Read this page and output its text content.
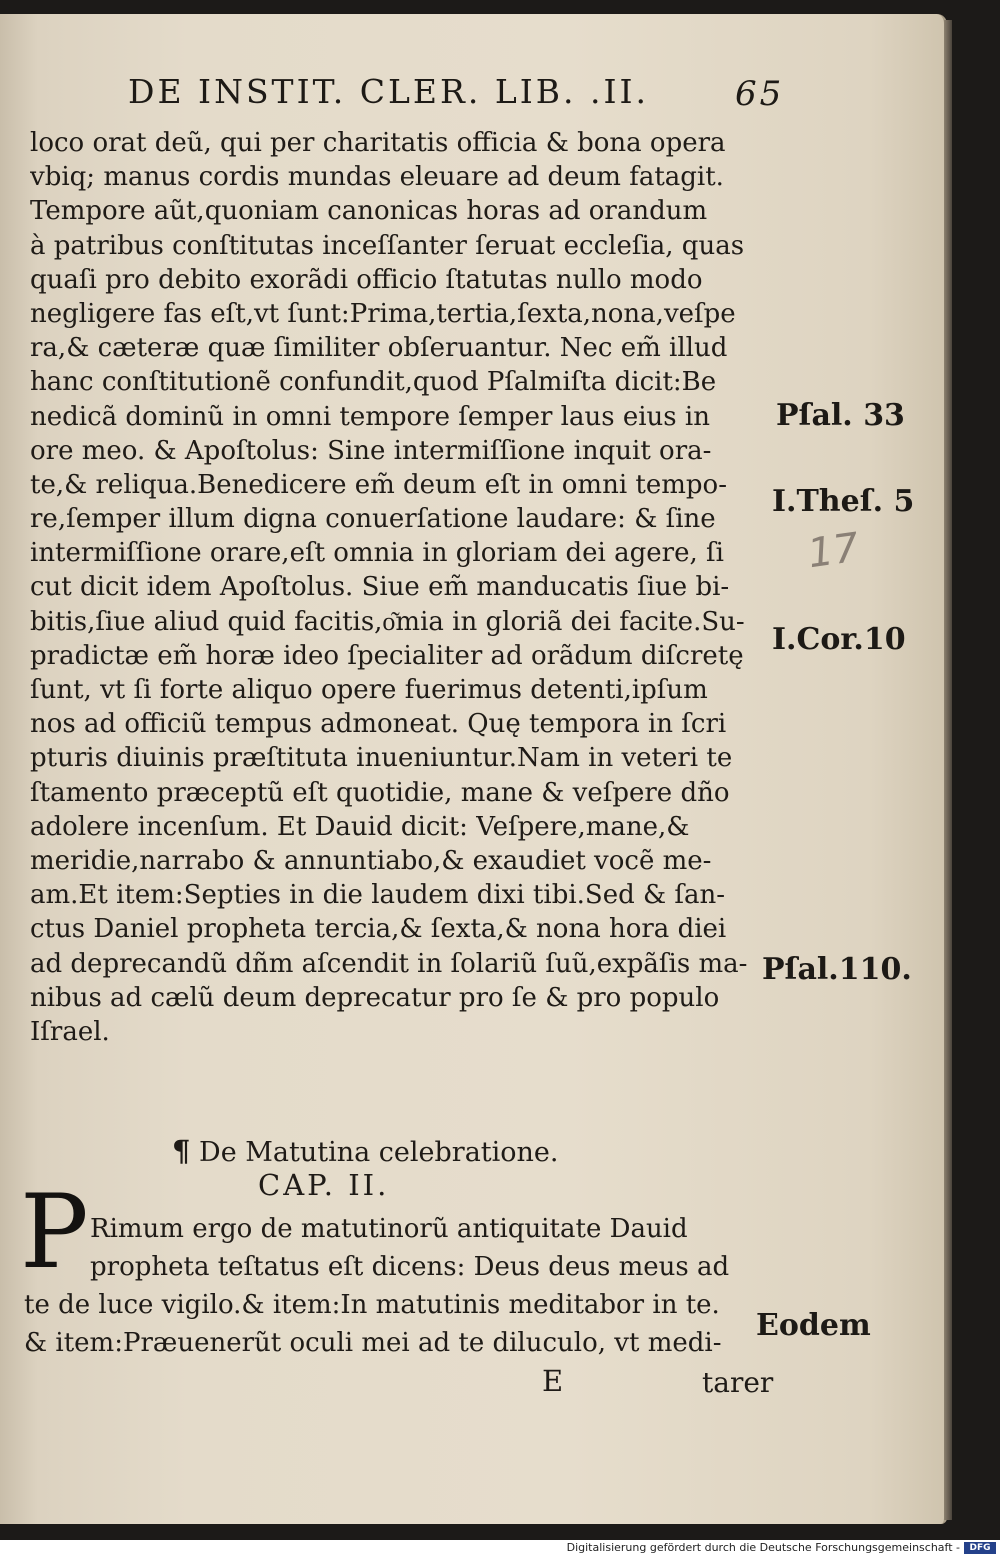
DE INSTIT. CLER. LIB. .II.	65
loco orat deũ, qui per charitatis officia & bona opera
vbiq; manus cordis mundas eleuare ad deum fatagit.
Tempore aũt,quoniam canonicas horas ad orandum
à patribus conſtitutas inceſſanter ſeruat eccleſia, quas
quaſi pro debito exorãdi officio ſtatutas nullo modo
negligere fas eſt,vt ſunt:Prima,tertia,ſexta,nona,veſpe
ra,& cæteræ quæ ſimiliter obſeruantur. Nec em̃ illud
hanc conſtitutionẽ confundit,quod Pſalmiſta dicit:Be
nedicã dominũ in omni tempore ſemper laus eius in
ore meo. & Apoſtolus: Sine intermiſſione inquit ora-
te,& reliqua.Benedicere em̃ deum eſt in omni tempo-
re,ſemper illum digna conuerſatione laudare: & ſine
intermiſſione orare,eſt omnia in gloriam dei agere, ſi
cut dicit idem Apoſtolus. Siue em̃ manducatis ſiue bi-
bitis,ſiue aliud quid facitis,o͂mia in gloriã dei facite.Su-
pradictæ em̃ horæ ideo ſpecialiter ad orãdum diſcretę
ſunt, vt ſi forte aliquo opere fuerimus detenti,ipſum
nos ad officiũ tempus admoneat. Quę tempora in ſcri
pturis diuinis præſtituta inueniuntur.Nam in veteri te
ſtamento præceptũ eſt quotidie, mane & veſpere dño
adolere incenſum. Et Dauid dicit: Veſpere,mane,&
meridie,narrabo & annuntiabo,& exaudiet vocẽ me-
am.Et item:Septies in die laudem dixi tibi.Sed & ſan-
ctus Daniel propheta tercia,& ſexta,& nona hora diei
ad deprecandũ dñm aſcendit in ſolariũ ſuũ,expãſis ma-
nibus ad cælũ deum deprecatur pro ſe & pro populo
Iſrael.
Pſal. 33
I.Theſ. 5
I.Cor.10
Pſal.110.
Eodem
17
¶ De Matutina celebratione.
CAP. II.
P Rimum ergo de matutinorũ antiquitate Dauid
propheta teſtatus eſt dicens: Deus deus meus ad
te de luce vigilo.& item:In matutinis meditabor in te.
& item:Præuenerũt oculi mei ad te diluculo, vt medi-
E	tarer
Digitalisierung gefördert durch die Deutsche Forschungsgemeinschaft -	DFG
